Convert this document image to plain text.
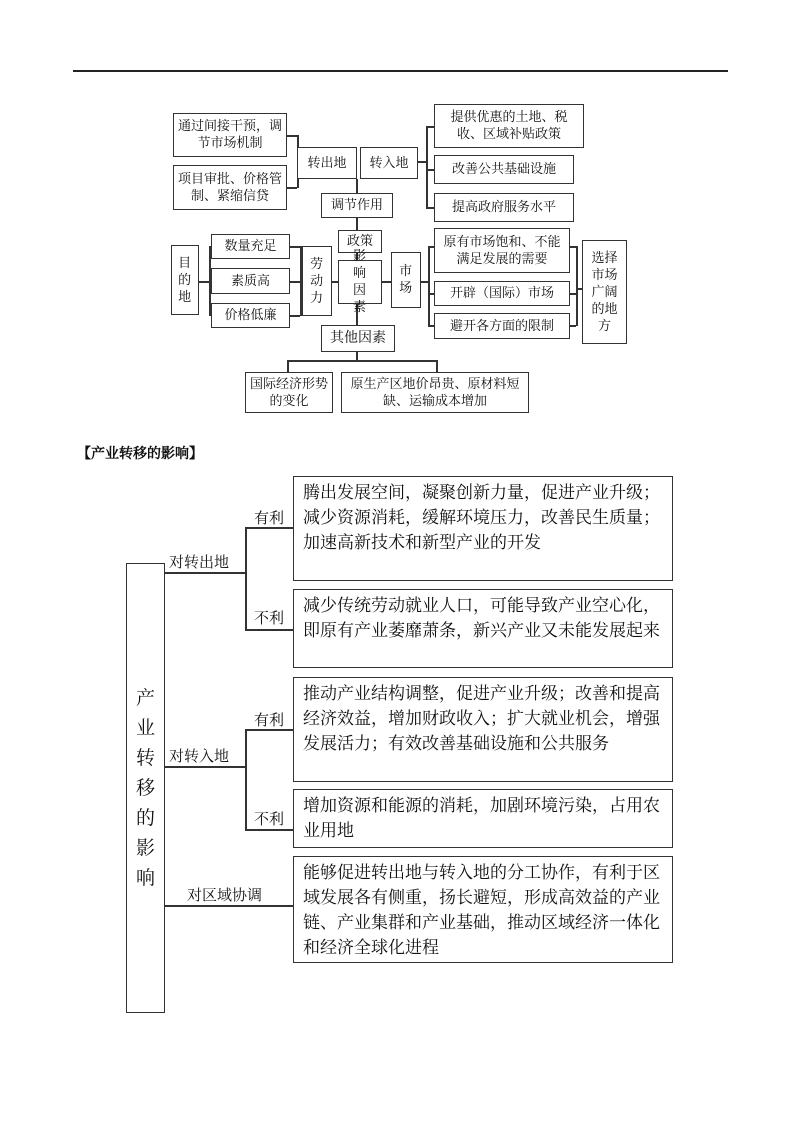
通过间接干预，调节市场机制
项目审批、价格管制、紧缩信贷
转出地 转入地
提供优惠的土地、税收、区域补贴政策
改善公共基础设施
提高政府服务水平
调节作用
政策
目的地
数量充足
素质高
价格低廉
劳动力
影响因素
市场
原有市场饱和、不能满足发展的需要
开辟（国际）市场
避开各方面的限制
选择市场广阔的地方
其他因素
国际经济形势的变化
原生产区地价昂贵、原材料短缺、运输成本增加
【产业转移的影响】
产业转移的影响
对转出地
对转入地
对区域协调
有利
不利
有利
不利
腾出发展空间，凝聚创新力量，促进产业升级；减少资源消耗，缓解环境压力，改善民生质量；加速高新技术和新型产业的开发
减少传统劳动就业人口，可能导致产业空心化，即原有产业萎靡萧条，新兴产业又未能发展起来
推动产业结构调整，促进产业升级；改善和提高经济效益，增加财政收入；扩大就业机会，增强发展活力；有效改善基础设施和公共服务
增加资源和能源的消耗，加剧环境污染，占用农业用地
能够促进转出地与转入地的分工协作，有利于区域发展各有侧重，扬长避短，形成高效益的产业链、产业集群和产业基础，推动区域经济一体化和经济全球化进程
